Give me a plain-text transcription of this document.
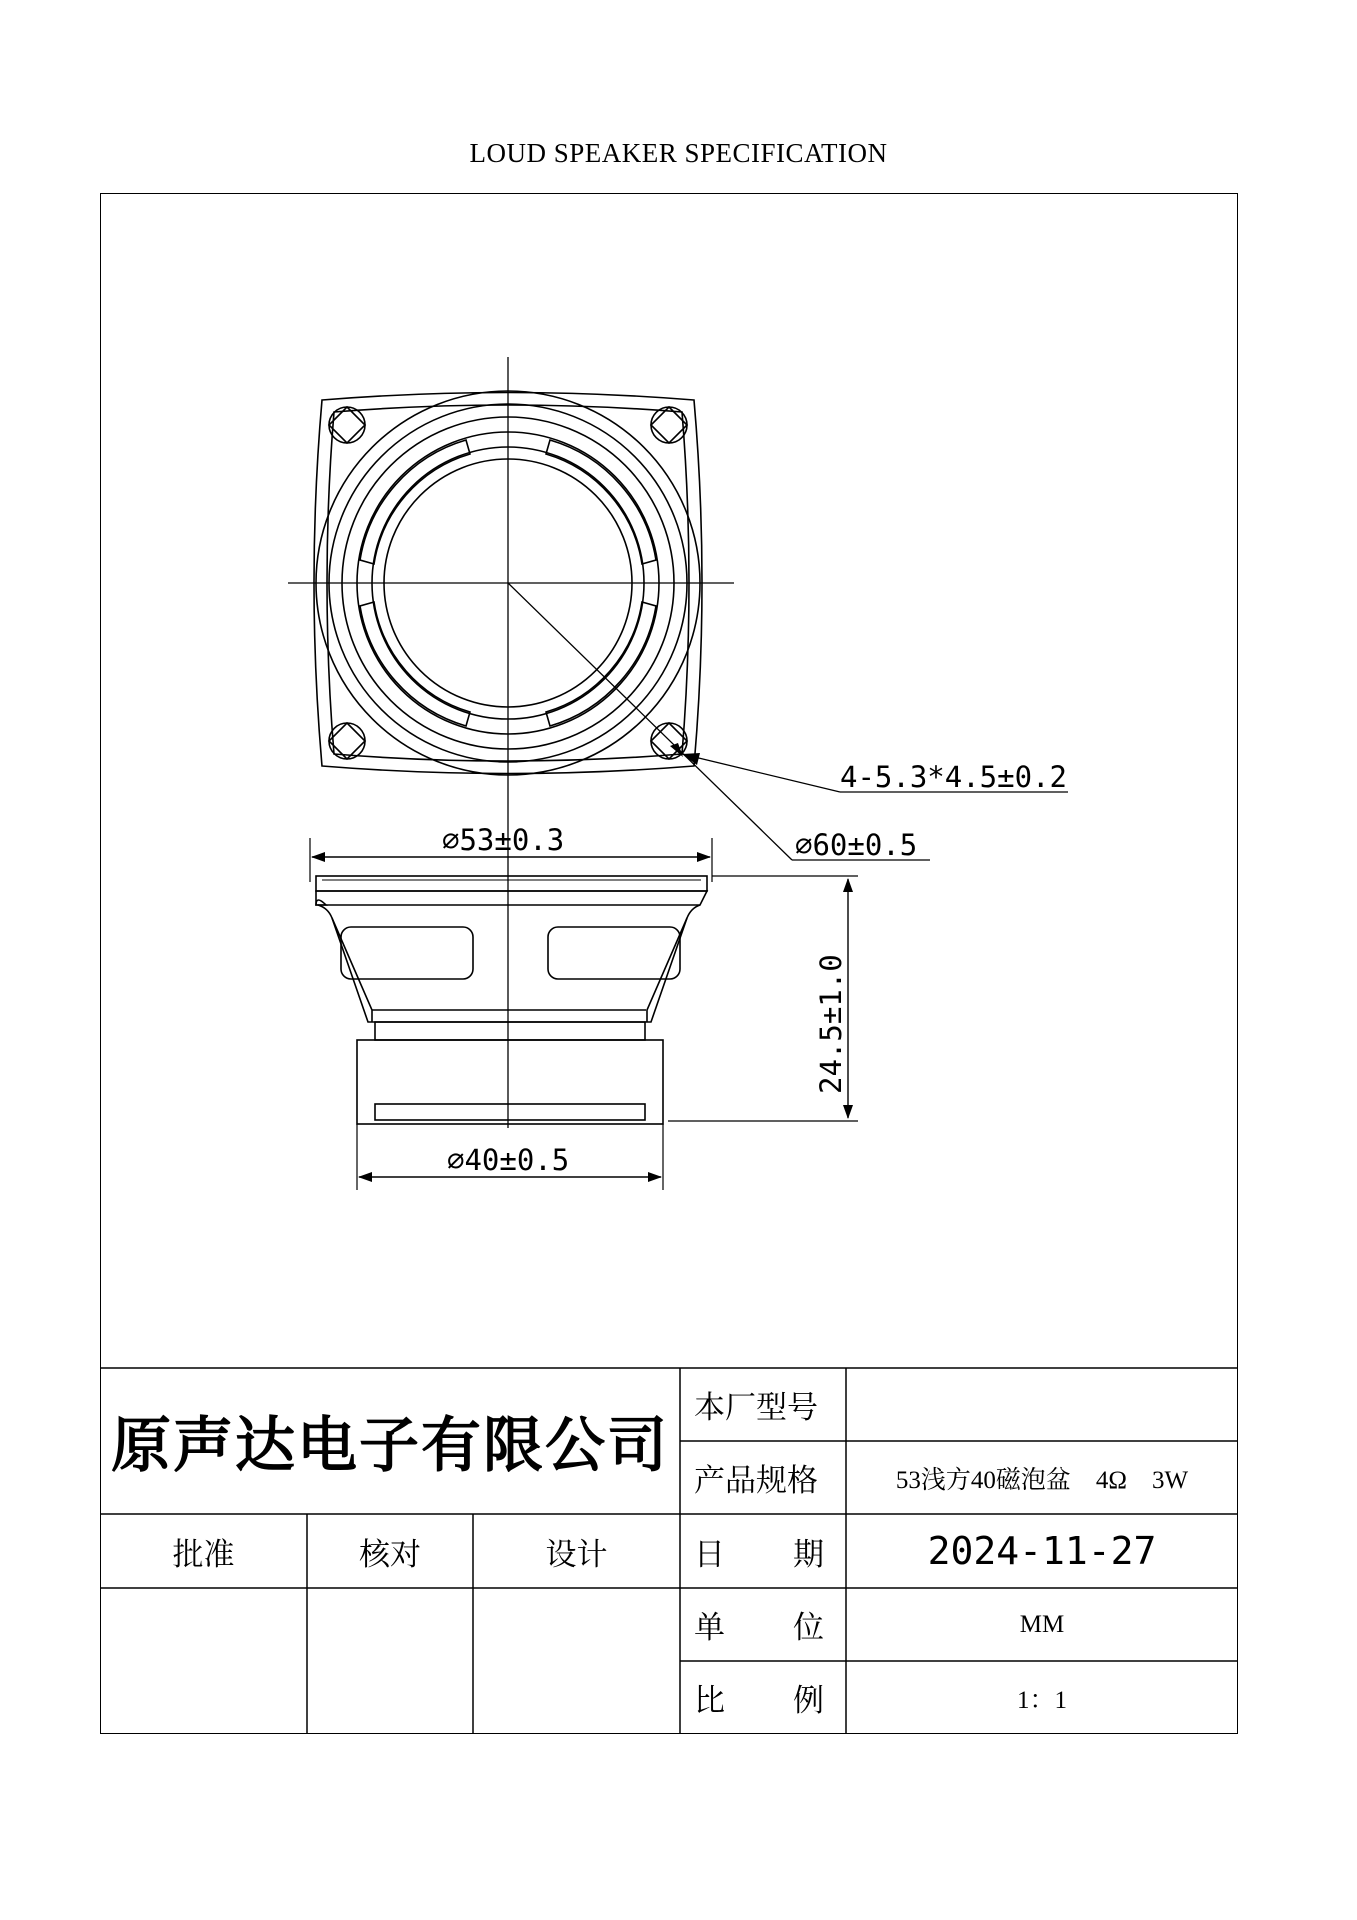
LOUD SPEAKER SPECIFICATION
4-5.3*4.5±0.2
∅60±0.5
∅53±0.3
24.5±1.0
∅40±0.5
原声达电子有限公司
本厂型号
产品规格	53浅方40磁泡盆　4Ω　3W
批准	核对	设计	日 期	2024-11-27
单 位	MM
比 例	1：1
